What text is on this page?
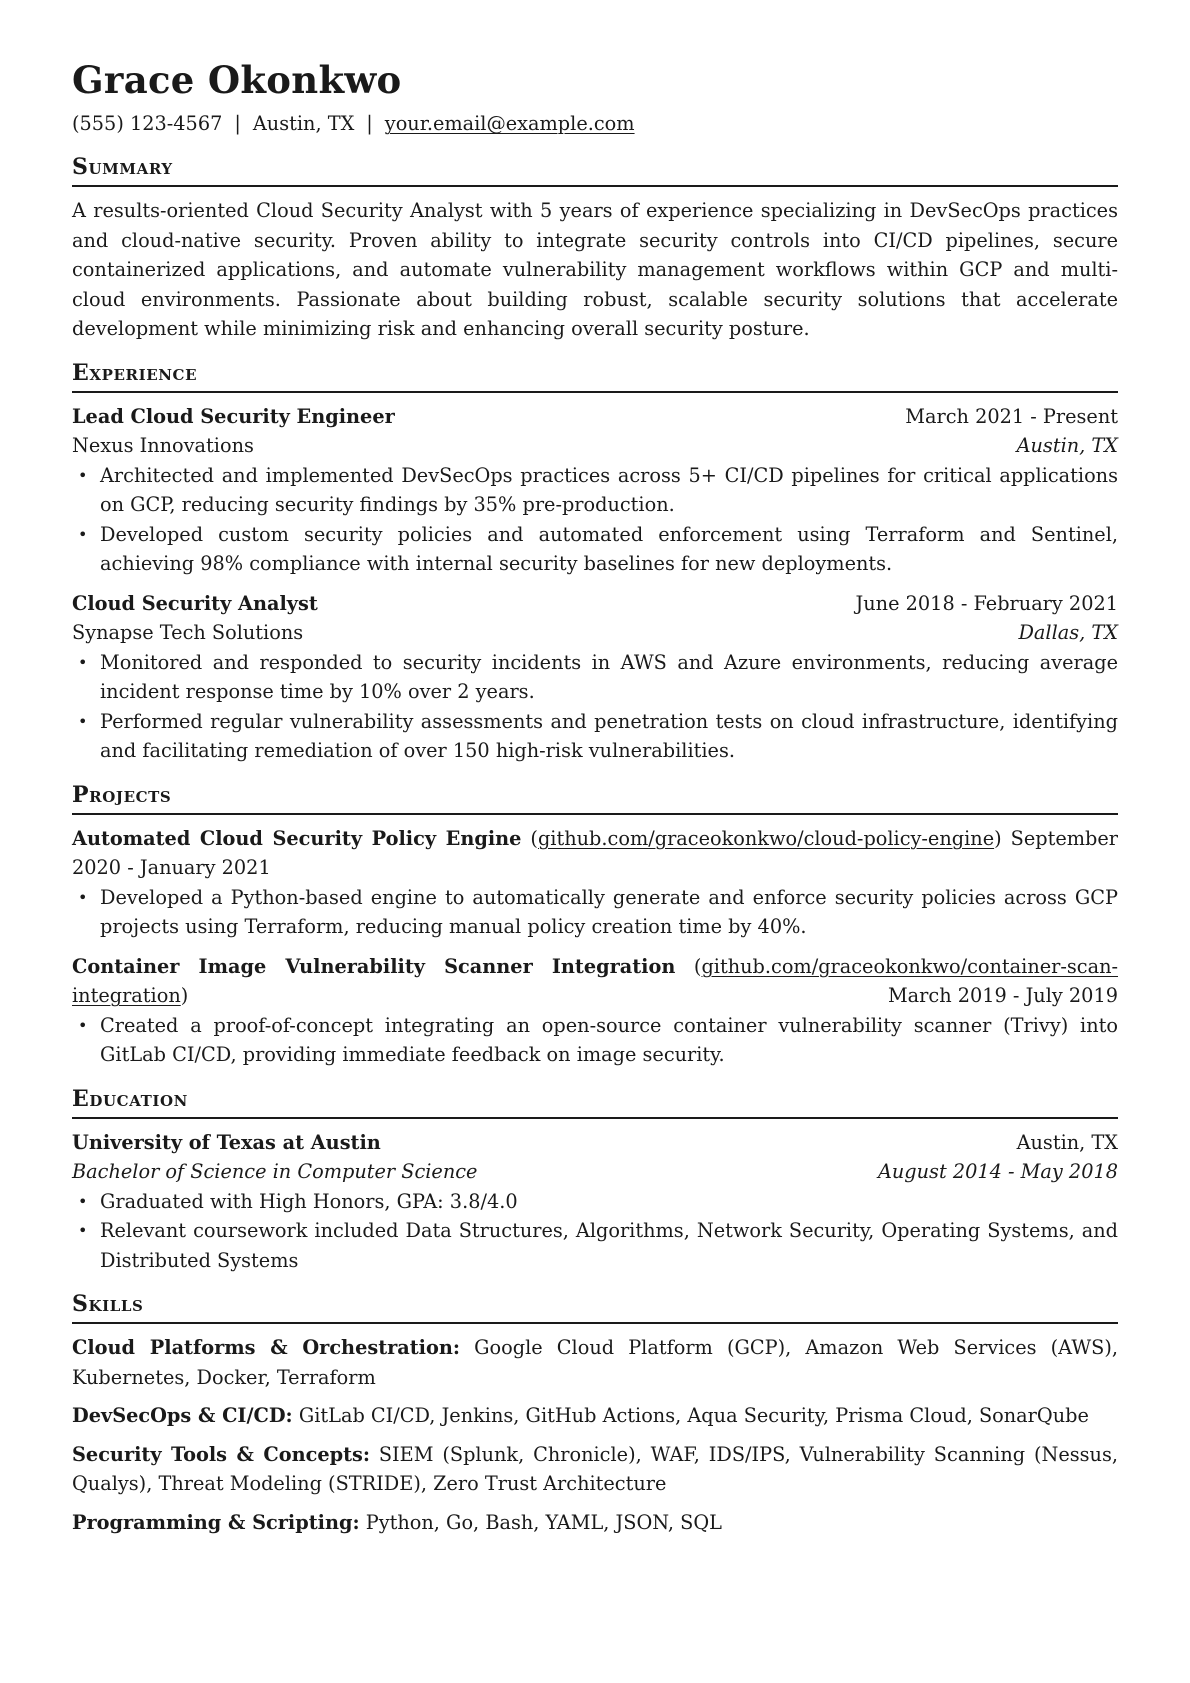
Grace Okonkwo
(555) 123-4567 | Austin, TX | your.email@example.com
Summary
A results-oriented Cloud Security Analyst with 5 years of experience specializing in DevSecOps practices and cloud-native security. Proven ability to integrate security controls into CI/CD pipelines, secure containerized applications, and automate vulnerability management workflows within GCP and multi-cloud environments. Passionate about building robust, scalable security solutions that accelerate development while minimizing risk and enhancing overall security posture.
Experience
Lead Cloud Security Engineer	March 2021 - Present
Nexus Innovations	Austin, TX
• Architected and implemented DevSecOps practices across 5+ CI/CD pipelines for critical applications on GCP, reducing security findings by 35% pre-production.
• Developed custom security policies and automated enforcement using Terraform and Sentinel, achieving 98% compliance with internal security baselines for new deployments.
Cloud Security Analyst	June 2018 - February 2021
Synapse Tech Solutions	Dallas, TX
• Monitored and responded to security incidents in AWS and Azure environments, reducing average incident response time by 10% over 2 years.
• Performed regular vulnerability assessments and penetration tests on cloud infrastructure, identifying and facilitating remediation of over 150 high-risk vulnerabilities.
Projects
Automated Cloud Security Policy Engine (github.com/graceokonkwo/cloud-policy-engine) September 2020 - January 2021
• Developed a Python-based engine to automatically generate and enforce security policies across GCP projects using Terraform, reducing manual policy creation time by 40%.
Container Image Vulnerability Scanner Integration (github.com/graceokonkwo/container-scan-integration)	March 2019 - July 2019
• Created a proof-of-concept integrating an open-source container vulnerability scanner (Trivy) into GitLab CI/CD, providing immediate feedback on image security.
Education
University of Texas at Austin	Austin, TX
Bachelor of Science in Computer Science	August 2014 - May 2018
• Graduated with High Honors, GPA: 3.8/4.0
• Relevant coursework included Data Structures, Algorithms, Network Security, Operating Systems, and Distributed Systems
Skills
Cloud Platforms & Orchestration: Google Cloud Platform (GCP), Amazon Web Services (AWS), Kubernetes, Docker, Terraform
DevSecOps & CI/CD: GitLab CI/CD, Jenkins, GitHub Actions, Aqua Security, Prisma Cloud, SonarQube
Security Tools & Concepts: SIEM (Splunk, Chronicle), WAF, IDS/IPS, Vulnerability Scanning (Nessus, Qualys), Threat Modeling (STRIDE), Zero Trust Architecture
Programming & Scripting: Python, Go, Bash, YAML, JSON, SQL
